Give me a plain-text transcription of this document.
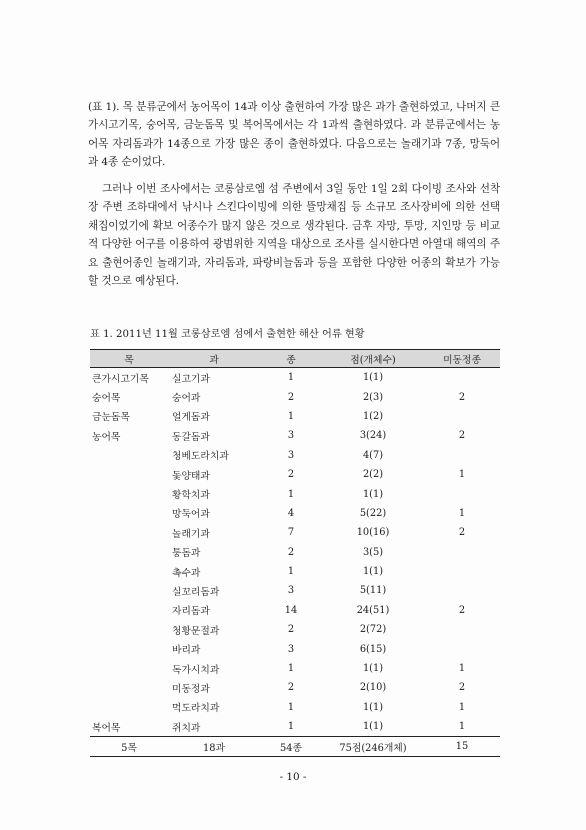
(표 1). 목 분류군에서 농어목이 14과 이상 출현하여 가장 많은 과가 출현하였고, 나머지 큰가시고기목, 숭어목, 금눈돔목 및 복어목에서는 각 1과씩 출현하였다. 과 분류군에서는 농어목 자리돔과가 14종으로 가장 많은 종이 출현하였다. 다음으로는 놀래기과 7종, 망둑어과 4종 순이었다.

그러나 이번 조사에서는 코롱삼로엠 섬 주변에서 3일 동안 1일 2회 다이빙 조사와 선착장 주변 조하대에서 낚시나 스킨다이빙에 의한 뜰망채집 등 소규모 조사장비에 의한 선택 채집이었기에 확보 어종수가 많지 않은 것으로 생각된다. 금후 자망, 투망, 지인망 등 비교적 다양한 어구를 이용하여 광범위한 지역을 대상으로 조사를 실시한다면 아열대 해역의 주요 출현어종인 놀래기과, 자리돔과, 파랑비늘돔과 등을 포함한 다양한 어종의 확보가 가능할 것으로 예상된다.

표 1. 2011년 11월 코롱삼로엠 섬에서 출현한 해산 어류 현황

목	과	종	점(개체수)	미동정종
큰가시고기목	실고기과	1	1(1)	
숭어목	숭어과	2	2(3)	2
금눈돔목	얼게돔과	1	1(2)	
농어목	동갈돔과	3	3(24)	2
	청베도라치과	3	4(7)	
	돛양태과	2	2(2)	1
	황학치과	1	1(1)	
	망둑어과	4	5(22)	1
	놀래기과	7	10(16)	2
	퉁돔과	2	3(5)	
	촉수과	1	1(1)	
	실꼬리돔과	3	5(11)	
	자리돔과	14	24(51)	2
	청황문절과	2	2(72)	
	바리과	3	6(15)	
	독가시치과	1	1(1)	1
	미동정과	2	2(10)	2
	먹도라치과	1	1(1)	1
복어목	쥐치과	1	1(1)	1
5목	18과	54종	75점(246개체)	15

- 10 -
